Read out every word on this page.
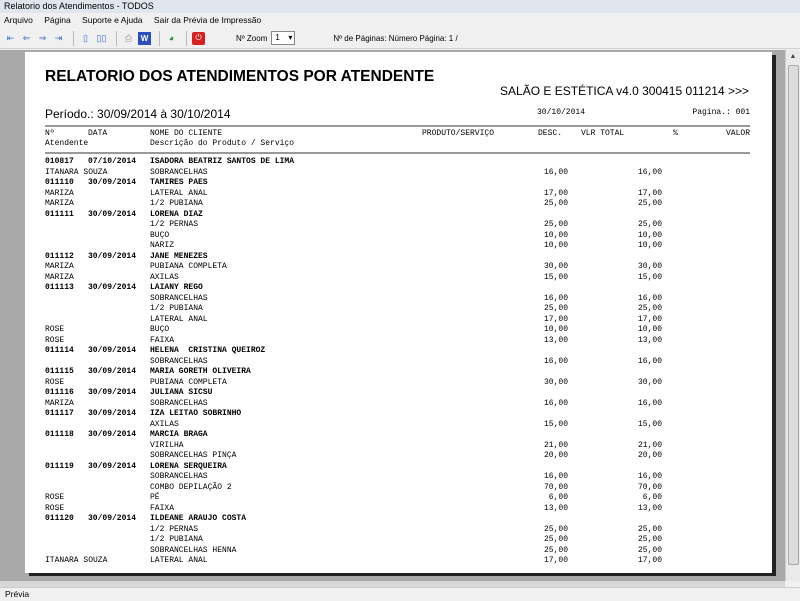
Relatorio dos Atendimentos - TODOS
Arquivo Página Suporte e Ajuda Sair da Prévia de Impressão
⇤ ⇐ ⇒ ⇥	▯ ▯▯	⎙	W	◕	⏻	Nº Zoom	1 ▾	Nº de Páginas: Número Página: 1 /
RELATORIO DOS ATENDIMENTOS POR ATENDENTE
SALÃO E ESTÉTICA v4.0 300415 011214 >>>
Período.: 30/09/2014 à 30/10/2014	30/10/2014	Pagina.: 001
Nº	DATA	NOME DO CLIENTE	PRODUTO/SERVIÇO	DESC. VLR TOTAL	%	VALOR
Atendente	Descrição do Produto / Serviço
010817 07/10/2014 ISADORA BEATRIZ SANTOS DE LIMA
ITANARA SOUZA	SOBRANCELHAS	16,00	16,00
011110 30/09/2014 TAMIRES PAES
MARIZA	LATERAL ANAL	17,00	17,00
MARIZA	1/2 PUBIANA	25,00	25,00
011111 30/09/2014 LORENA DIAZ
1/2 PERNAS	25,00	25,00
BUÇO	10,00	10,00
NARIZ	10,00	10,00
011112 30/09/2014 JANE MENEZES
MARIZA	PUBIANA COMPLETA	30,00	30,00
MARIZA	AXILAS	15,00	15,00
011113 30/09/2014 LAIANY REGO
SOBRANCELHAS	16,00	16,00
1/2 PUBIANA	25,00	25,00
LATERAL ANAL	17,00	17,00
ROSE	BUÇO	10,00	10,00
ROSE	FAIXA	13,00	13,00
011114 30/09/2014 HELENA  CRISTINA QUEIROZ
SOBRANCELHAS	16,00	16,00
011115 30/09/2014 MARIA GORETH OLIVEIRA
ROSE	PUBIANA COMPLETA	30,00	30,00
011116 30/09/2014 JULIANA SICSU
MARIZA	SOBRANCELHAS	16,00	16,00
011117 30/09/2014 IZA LEITAO SOBRINHO
AXILAS	15,00	15,00
011118 30/09/2014 MARCIA BRAGA
VIRILHA	21,00	21,00
SOBRANCELHAS PINÇA	20,00	20,00
011119 30/09/2014 LORENA SERQUEIRA
SOBRANCELHAS	16,00	16,00
COMBO DEPILAÇÃO 2	70,00	70,00
ROSE	PÉ	6,00	6,00
ROSE	FAIXA	13,00	13,00
011120 30/09/2014 ILDEANE ARAUJO COSTA
1/2 PERNAS	25,00	25,00
1/2 PUBIANA	25,00	25,00
SOBRANCELHAS HENNA	25,00	25,00
ITANARA SOUZA	LATERAL ANAL	17,00	17,00
▲
Prévia
